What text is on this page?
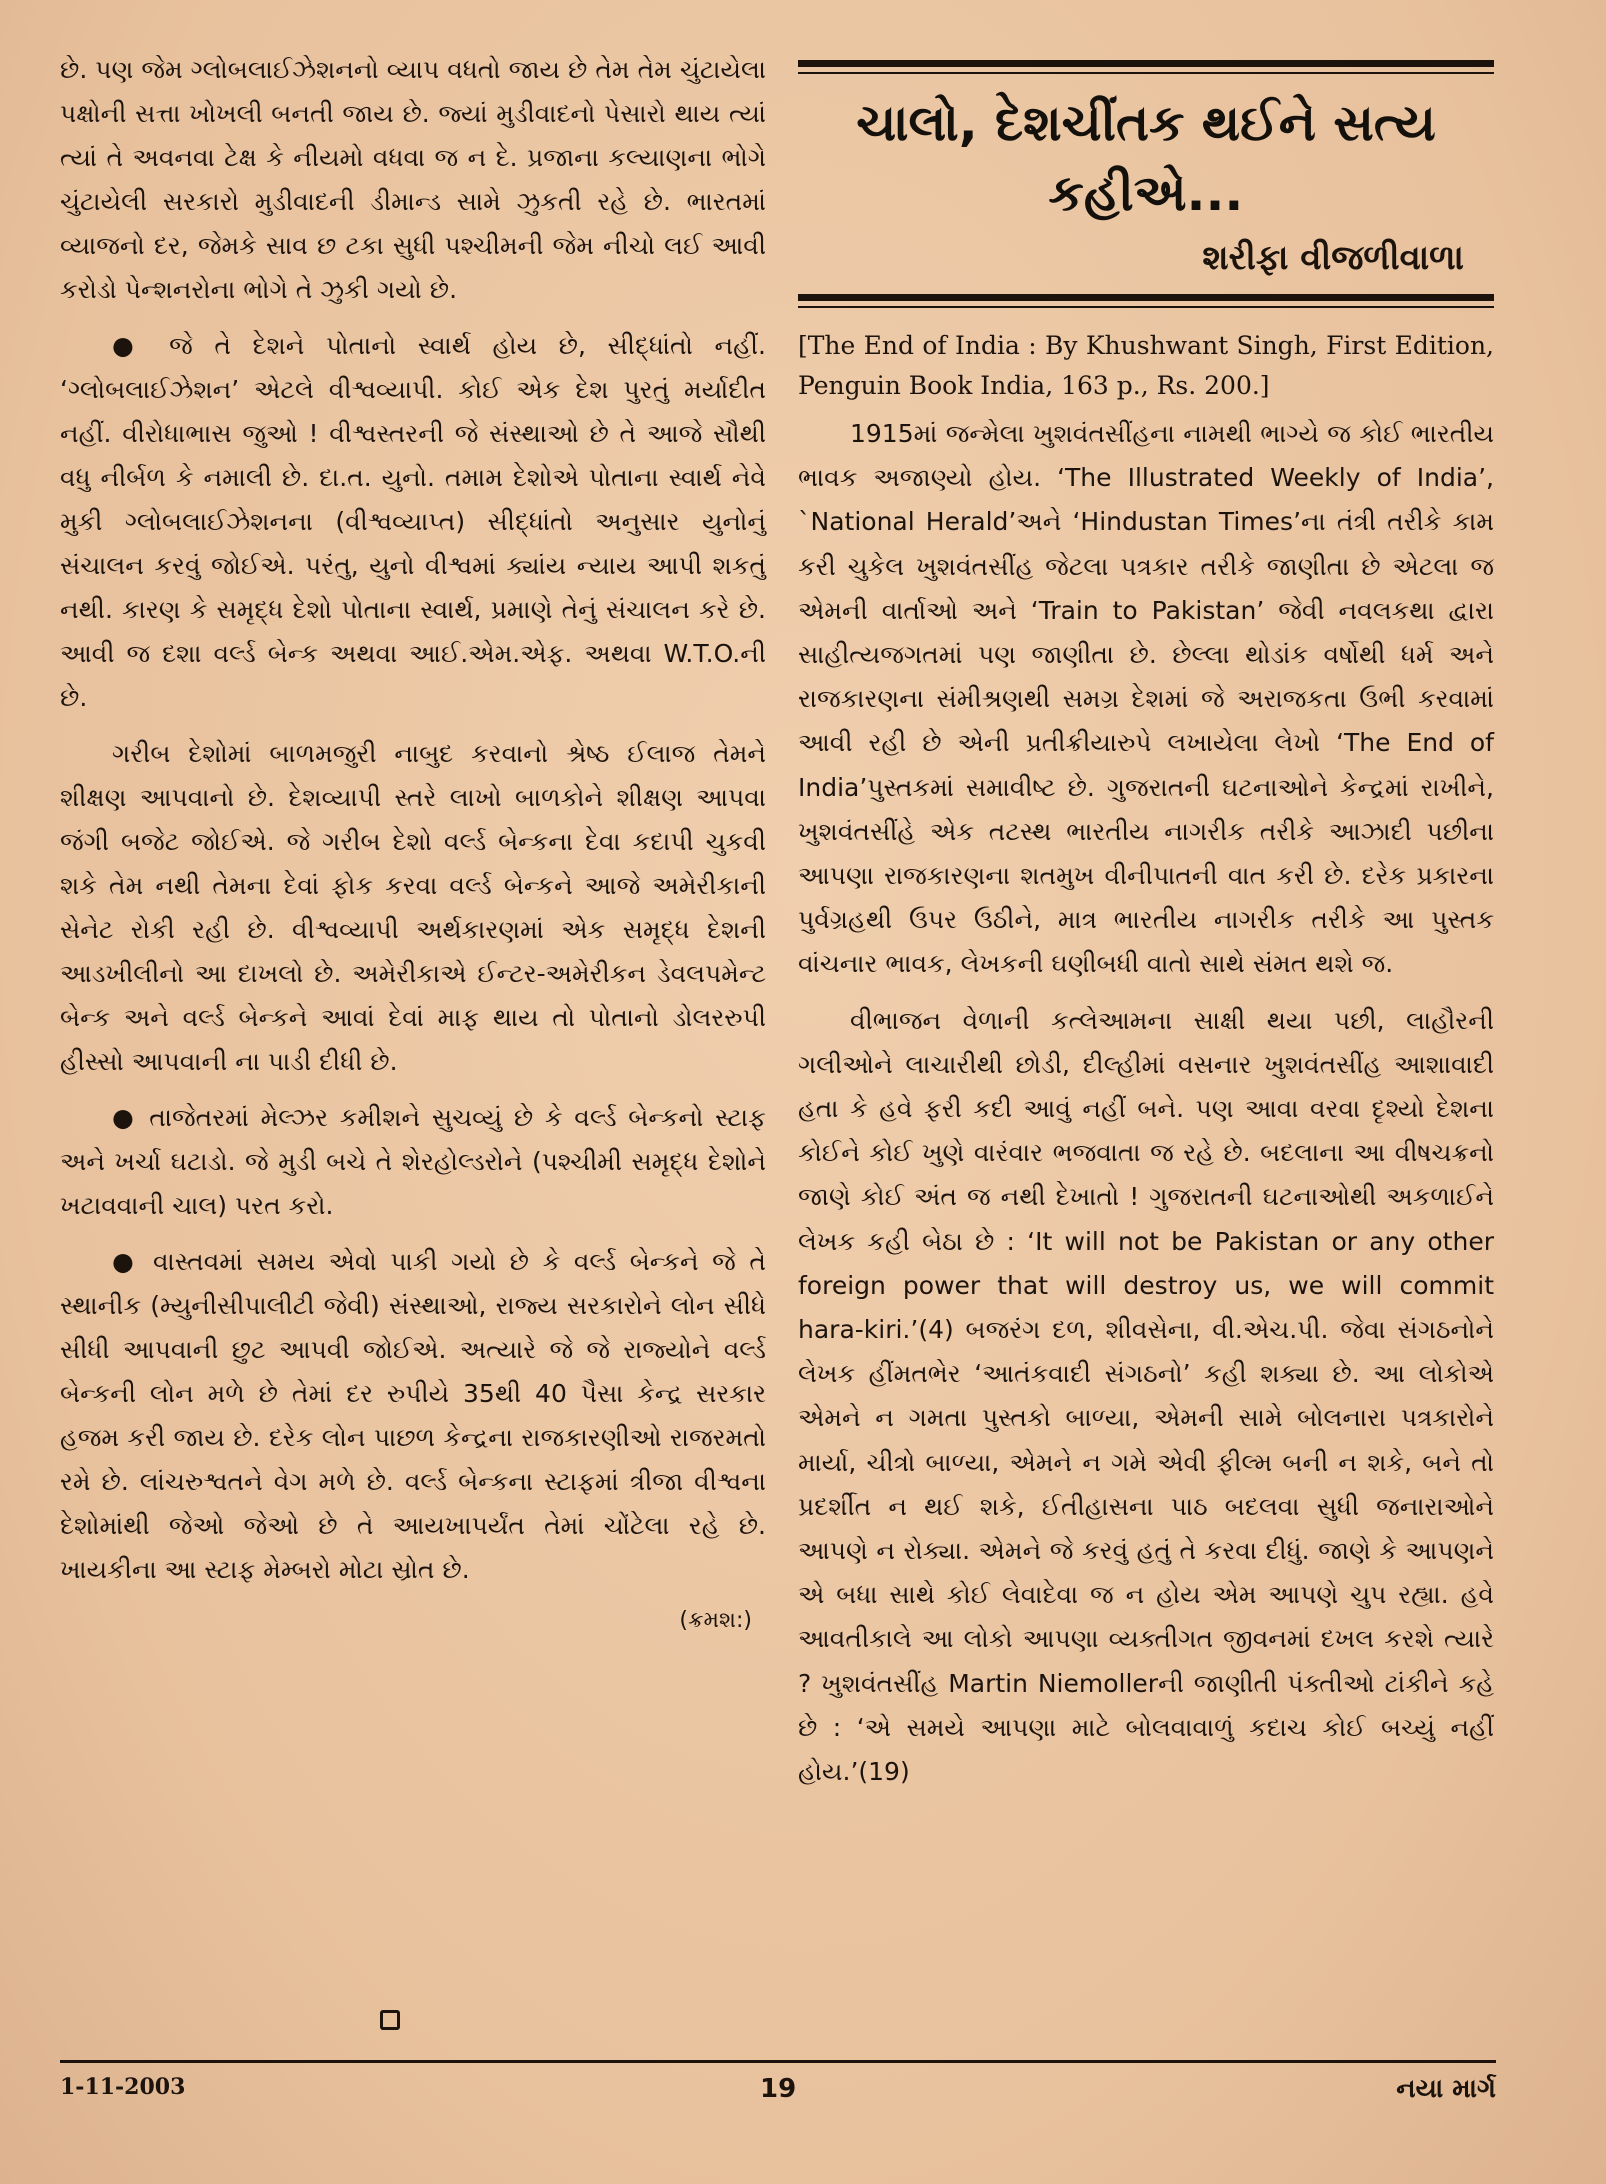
છે. પણ જેમ ગ્લોબલાઈઝેશનનો વ્યાપ વધતો જાય છે તેમ તેમ ચુંટાયેલા પક્ષોની સત્તા ખોખલી બનતી જાય છે. જ્યાં મુડીવાદનો પેસારો થાય ત્યાં ત્યાં તે અવનવા ટેક્ષ કે નીયમો વધવા જ ન દે. પ્રજાના કલ્યાણના ભોગે ચુંટાયેલી સરકારો મુડીવાદની ડીમાન્ડ સામે ઝુકતી રહે છે. ભારતમાં વ્યાજનો દર, જેમકે સાવ છ ટકા સુધી પશ્ચીમની જેમ નીચો લઈ આવી કરોડો પેન્શનરોના ભોગે તે ઝુકી ગયો છે.

● જે તે દેશને પોતાનો સ્વાર્થ હોય છે, સીદ્ધાંતો નહીં. ‘ગ્લોબલાઈઝેશન’ એટલે વીશ્વવ્યાપી. કોઈ એક દેશ પુરતું મર્યાદીત નહીં. વીરોધાભાસ જુઓ ! વીશ્વસ્તરની જે સંસ્થાઓ છે તે આજે સૌથી વધુ નીર્બળ કે નમાલી છે. દા.ત. યુનો. તમામ દેશોએ પોતાના સ્વાર્થ નેવે મુકી ગ્લોબલાઈઝેશનના (વીશ્વવ્યાપ્ત) સીદ્ધાંતો અનુસાર યુનોનું સંચાલન કરવું જોઈએ. પરંતુ, યુનો વીશ્વમાં ક્યાંય ન્યાય આપી શકતું નથી. કારણ કે સમૃદ્ધ દેશો પોતાના સ્વાર્થ, પ્રમાણે તેનું સંચાલન કરે છે. આવી જ દશા વર્લ્ડ બેન્ક અથવા આઈ.એમ.એફ. અથવા W.T.O.ની છે.

ગરીબ દેશોમાં બાળમજુરી નાબુદ કરવાનો શ્રેષ્ઠ ઈલાજ તેમને શીક્ષણ આપવાનો છે. દેશવ્યાપી સ્તરે લાખો બાળકોને શીક્ષણ આપવા જંગી બજેટ જોઈએ. જે ગરીબ દેશો વર્લ્ડ બેન્કના દેવા કદાપી ચુકવી શકે તેમ નથી તેમના દેવાં ફોક કરવા વર્લ્ડ બેન્કને આજે અમેરીકાની સેનેટ રોકી રહી છે. વીશ્વવ્યાપી અર્થકારણમાં એક સમૃદ્ધ દેશની આડખીલીનો આ દાખલો છે. અમેરીકાએ ઈન્ટર-અમેરીકન ડેવલપમેન્ટ બેન્ક અને વર્લ્ડ બેન્કને આવાં દેવાં માફ થાય તો પોતાનો ડોલરરુપી હીસ્સો આપવાની ના પાડી દીધી છે.

● તાજેતરમાં મેલ્ઝર કમીશને સુચવ્યું છે કે વર્લ્ડ બેન્કનો સ્ટાફ અને ખર્ચા ઘટાડો. જે મુડી બચે તે શેરહોલ્ડરોને (પશ્ચીમી સમૃદ્ધ દેશોને ખટાવવાની ચાલ) પરત કરો.

● વાસ્તવમાં સમય એવો પાકી ગયો છે કે વર્લ્ડ બેન્કને જે તે સ્થાનીક (મ્યુનીસીપાલીટી જેવી) સંસ્થાઓ, રાજ્ય સરકારોને લોન સીધે સીધી આપવાની છુટ આપવી જોઈએ. અત્યારે જે જે રાજ્યોને વર્લ્ડ બેન્કની લોન મળે છે તેમાં દર રુપીયે 35થી 40 પૈસા કેન્દ્ર સરકાર હજમ કરી જાય છે. દરેક લોન પાછળ કેન્દ્રના રાજકારણીઓ રાજરમતો રમે છે. લાંચરુશ્વતને વેગ મળે છે. વર્લ્ડ બેન્કના સ્ટાફમાં ત્રીજા વીશ્વના દેશોમાંથી જેઓ જેઓ છે તે આયખાપર્યંત તેમાં ચોંટેલા રહે છે. ખાયકીના આ સ્ટાફ મેમ્બરો મોટા સ્રોત છે.

(ક્રમશ:)
ચાલો, દેશચીંતક થઈને સત્ય કહીએ...
શરીફા વીજળીવાળા

[The End of India : By Khushwant Singh, First Edition, Penguin Book India, 163 p., Rs. 200.]

1915માં જન્મેલા ખુશવંતસીંહના નામથી ભાગ્યે જ કોઈ ભારતીય ભાવક અજાણ્યો હોય. ‘The Illustrated Weekly of India’, `National Herald’અને ‘Hindustan Times’ના તંત્રી તરીકે કામ કરી ચુકેલ ખુશવંતસીંહ જેટલા પત્રકાર તરીકે જાણીતા છે એટલા જ એમની વાર્તાઓ અને ‘Train to Pakistan’ જેવી નવલકથા દ્વારા સાહીત્યજગતમાં પણ જાણીતા છે. છેલ્લા થોડાંક વર્ષોથી ધર્મ અને રાજકારણના સંમીશ્રણથી સમગ્ર દેશમાં જે અરાજકતા ઉભી કરવામાં આવી રહી છે એની પ્રતીક્રીયારુપે લખાયેલા લેખો ‘The End of India’પુસ્તકમાં સમાવીષ્ટ છે. ગુજરાતની ઘટનાઓને કેન્દ્રમાં રાખીને, ખુશવંતસીંહે એક તટસ્થ ભારતીય નાગરીક તરીકે આઝાદી પછીના આપણા રાજકારણના શતમુખ વીનીપાતની વાત કરી છે. દરેક પ્રકારના પુર્વગ્રહથી ઉપર ઉઠીને, માત્ર ભારતીય નાગરીક તરીકે આ પુસ્તક વાંચનાર ભાવક, લેખકની ઘણીબધી વાતો સાથે સંમત થશે જ.

વીભાજન વેળાની કત્લેઆમના સાક્ષી થયા પછી, લાહૌરની ગલીઓને લાચારીથી છોડી, દીલ્હીમાં વસનાર ખુશવંતસીંહ આશાવાદી હતા કે હવે ફરી કદી આવું નહીં બને. પણ આવા વરવા દૃશ્યો દેશના કોઈને કોઈ ખુણે વારંવાર ભજવાતા જ રહે છે. બદલાના આ વીષચક્રનો જાણે કોઈ અંત જ નથી દેખાતો ! ગુજરાતની ઘટનાઓથી અકળાઈને લેખક કહી બેઠા છે : ‘It will not be Pakistan or any other foreign power that will destroy us, we will commit hara-kiri.’(4) બજરંગ દળ, શીવસેના, વી.એચ.પી. જેવા સંગઠનોને લેખક હીંમતભેર ‘આતંકવાદી સંગઠનો’ કહી શક્યા છે. આ લોકોએ એમને ન ગમતા પુસ્તકો બાળ્યા, એમની સામે બોલનારા પત્રકારોને માર્યા, ચીત્રો બાળ્યા, એમને ન ગમે એવી ફીલ્મ બની ન શકે, બને તો પ્રદર્શીત ન થઈ શકે, ઈતીહાસના પાઠ બદલવા સુધી જનારાઓને આપણે ન રોક્યા. એમને જે કરવું હતું તે કરવા દીધું. જાણે કે આપણને એ બધા સાથે કોઈ લેવાદેવા જ ન હોય એમ આપણે ચુપ રહ્યા. હવે આવતીકાલે આ લોકો આપણા વ્યક્તીગત જીવનમાં દખલ કરશે ત્યારે ? ખુશવંતસીંહ Martin Niemollerની જાણીતી પંક્તીઓ ટાંકીને કહે છે : ‘એ સમયે આપણા માટે બોલવાવાળું કદાચ કોઈ બચ્યું નહીં હોય.’(19)

1-11-2003	19	નયા માર્ગ
